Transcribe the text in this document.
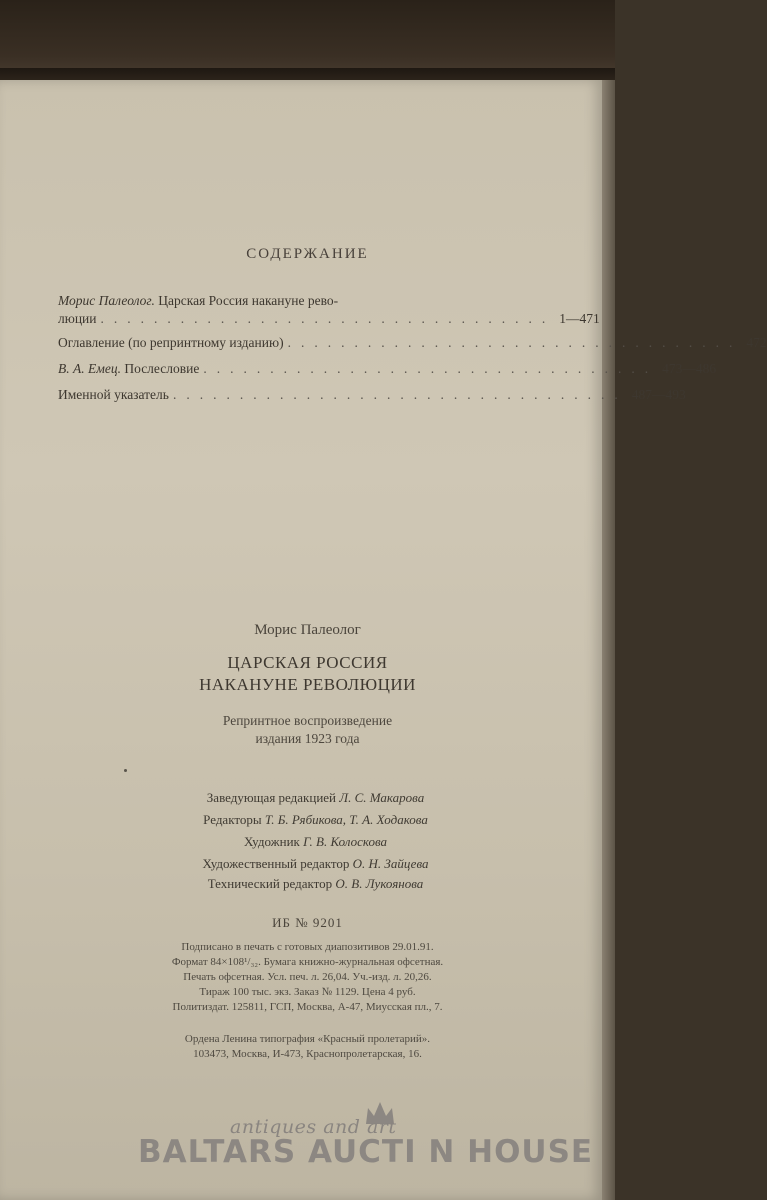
СОДЕРЖАНИЕ
Морис Палеолог. Царская Россия накануне рево-
люции .................................. 1—471
Оглавление (по репринтному изданию) .................................. 472
В. А. Емец. Послесловие .................................. 473—486
Именной указатель .................................. 487—493
Морис Палеолог
ЦАРСКАЯ РОССИЯ
НАКАНУНЕ РЕВОЛЮЦИИ
Репринтное воспроизведение
издания 1923 года
Заведующая редакцией Л. С. Макарова
Редакторы Т. Б. Рябикова, Т. А. Ходакова
Художник Г. В. Колоскова
Художественный редактор О. Н. Зайцева
Технический редактор О. В. Лукоянова
ИБ № 9201
Подписано в печать с готовых диапозитивов 29.01.91.
Формат 84×108¹/₃₂. Бумага книжно-журнальная офсетная.
Печать офсетная. Усл. печ. л. 26,04. Уч.-изд. л. 20,26.
Тираж 100 тыс. экз. Заказ № 1129. Цена 4 руб.
Политиздат. 125811, ГСП, Москва, А-47, Миусская пл., 7.
Ордена Ленина типография «Красный пролетарий».
103473, Москва, И-473, Краснопролетарская, 16.
antiques and art
BALTARS AUCTI N HOUSE
